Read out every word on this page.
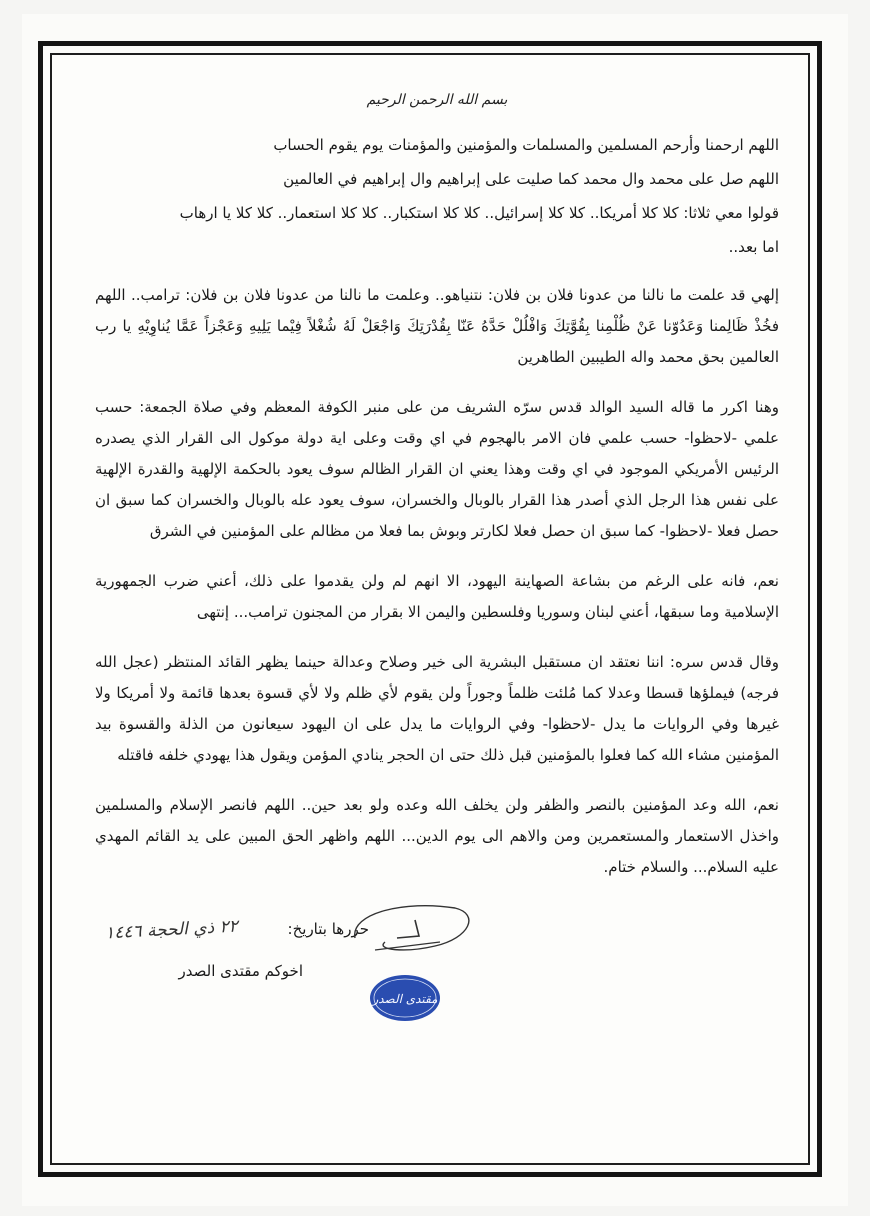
بسم الله الرحمن الرحيم

اللهم ارحمنا وأرحم المسلمين والمسلمات والمؤمنين والمؤمنات يوم يقوم الحساب

اللهم صل على محمد وال محمد كما صليت على إبراهيم وال إبراهيم في العالمين

قولوا معي ثلاثا: كلا كلا أمريكا.. كلا كلا إسرائيل.. كلا كلا استكبار.. كلا كلا استعمار.. كلا كلا يا ارهاب

اما بعد..

إلهي قد علمت ما نالنا من عدونا فلان بن فلان: نتنياهو.. وعلمت ما نالنا من عدونا فلان بن فلان: ترامب.. اللهم فخُذْ ظَالِمنا وَعَدُوّنا عَنْ ظُلْمِنا بِقُوَّتِكَ وَافْلُلْ حَدَّهُ عَنّا بِقُدْرَتِكَ وَاجْعَلْ لَهُ شُغْلاً فِيْما يَلِيهِ وَعَجْزاً عَمَّا يُناوِيْهِ يا رب العالمين بحق محمد واله الطيبين الطاهرين

وهنا اكرر ما قاله السيد الوالد قدس سرّه الشريف من على منبر الكوفة المعظم وفي صلاة الجمعة: حسب علمي -لاحظوا- حسب علمي فان الامر بالهجوم في اي وقت وعلى اية دولة موكول الى القرار الذي يصدره الرئيس الأمريكي الموجود في اي وقت وهذا يعني ان القرار الظالم سوف يعود بالحكمة الإلهية والقدرة الإلهية على نفس هذا الرجل الذي أصدر هذا القرار بالوبال والخسران، سوف يعود عله بالوبال والخسران كما سبق ان حصل فعلا -لاحظوا- كما سبق ان حصل فعلا لكارتر وبوش بما فعلا من مظالم على المؤمنين في الشرق

نعم، فانه على الرغم من بشاعة الصهاينة اليهود، الا انهم لم ولن يقدموا على ذلك، أعني ضرب الجمهورية الإسلامية وما سبقها، أعني لبنان وسوريا وفلسطين واليمن الا بقرار من المجنون ترامب... إنتهى

وقال قدس سره: اننا نعتقد ان مستقبل البشرية الى خير وصلاح وعدالة حينما يظهر القائد المنتظر (عجل الله فرجه) فيملؤها قسطا وعدلا كما مُلئت ظلماً وجوراً ولن يقوم لأي ظلم ولا لأي قسوة بعدها قائمة ولا أمريكا ولا غيرها وفي الروايات ما يدل -لاحظوا- وفي الروايات ما يدل على ان اليهود سيعانون من الذلة والقسوة بيد المؤمنين مشاء الله كما فعلوا بالمؤمنين قبل ذلك حتى ان الحجر ينادي المؤمن ويقول هذا يهودي خلفه فاقتله

نعم، الله وعد المؤمنين بالنصر والظفر ولن يخلف الله وعده ولو بعد حين.. اللهم فانصر الإسلام والمسلمين واخذل الاستعمار والمستعمرين ومن والاهم الى يوم الدين... اللهم واظهر الحق المبين على يد القائم المهدي عليه السلام... والسلام ختام.

حررها بتاريخ:
٢٢ ذي الحجة ١٤٤٦
اخوكم مقتدى الصدر
مقتدى الصدر
